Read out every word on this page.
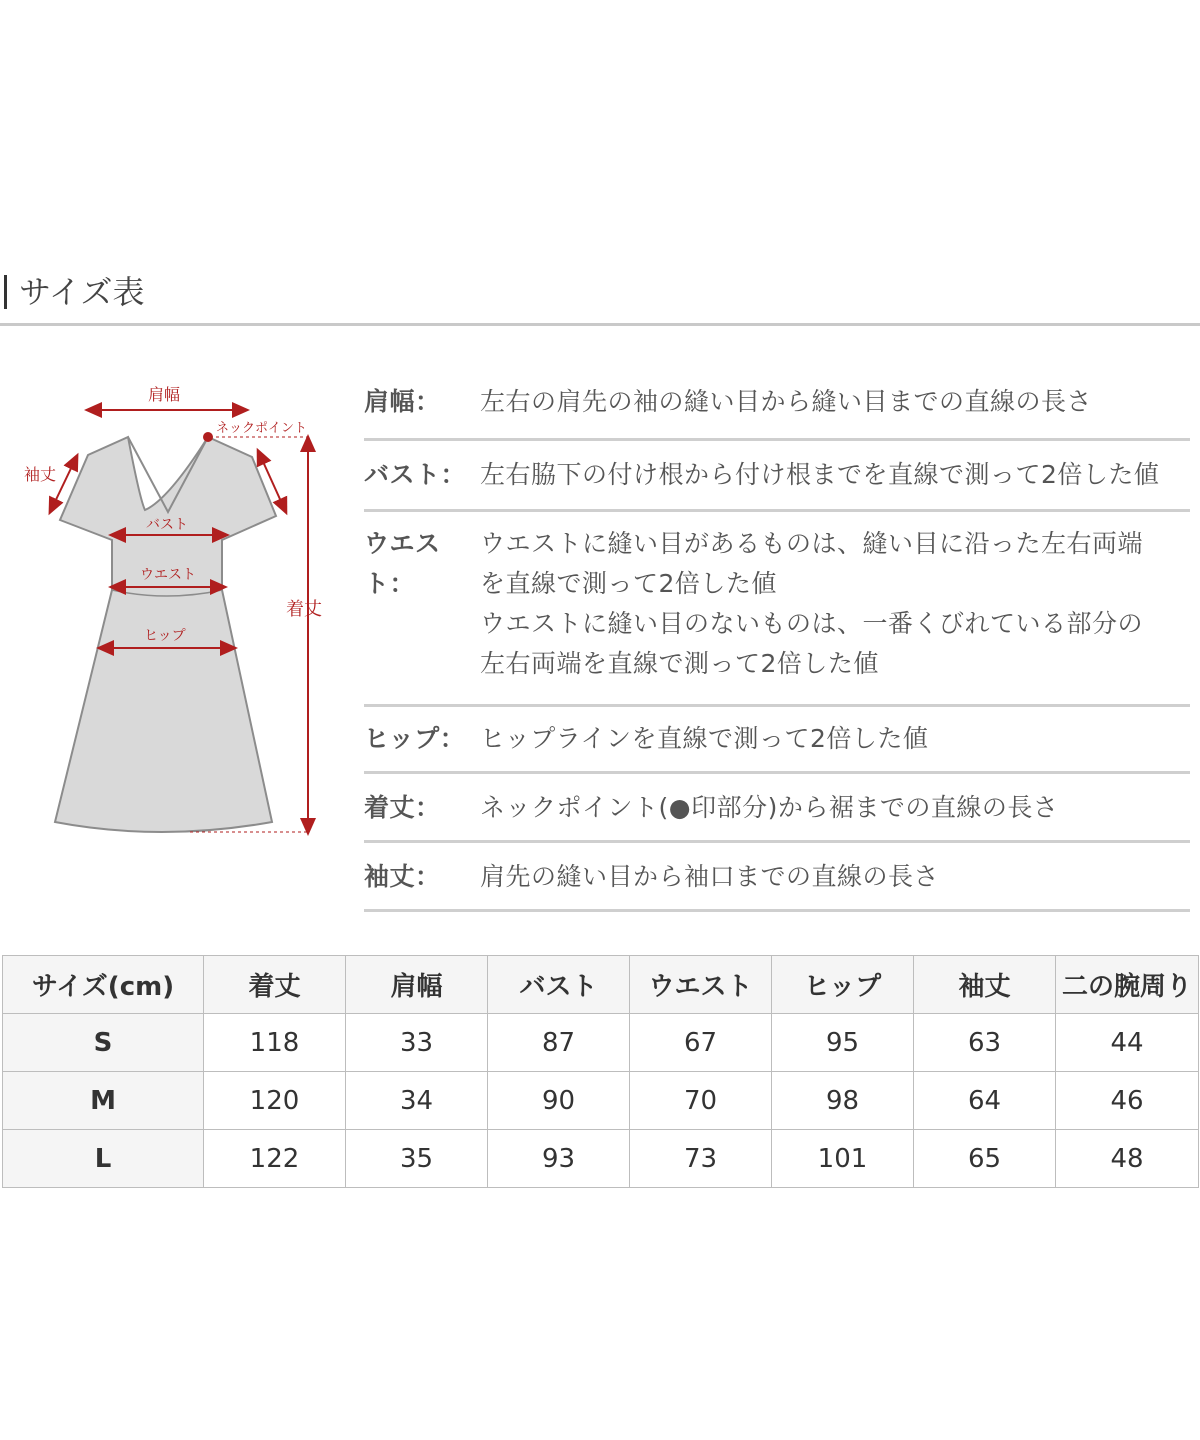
サイズ表
肩幅
ネックポイント
袖丈
バスト
ウエスト
ヒップ
着丈
肩幅：	左右の肩先の袖の縫い目から縫い目までの直線の長さ

バスト： 左右脇下の付け根から付け根までを直線で測って2倍した値

ウエスト：

ウエストに縫い目があるものは、縫い目に沿った左右両端

を直線で測って2倍した値

ウエストに縫い目のないものは、一番くびれている部分の

左右両端を直線で測って2倍した値

ヒップ： ヒップラインを直線で測って2倍した値

着丈：	ネックポイント(●印部分)から裾までの直線の長さ

袖丈：	肩先の縫い目から袖口までの直線の長さ

サイズ(cm)	着丈	肩幅	バスト	ウエスト	ヒップ	袖丈	二の腕周り
S	118	33	87	67	95	63	44
M	120	34	90	70	98	64	46
L	122	35	93	73	101	65	48
